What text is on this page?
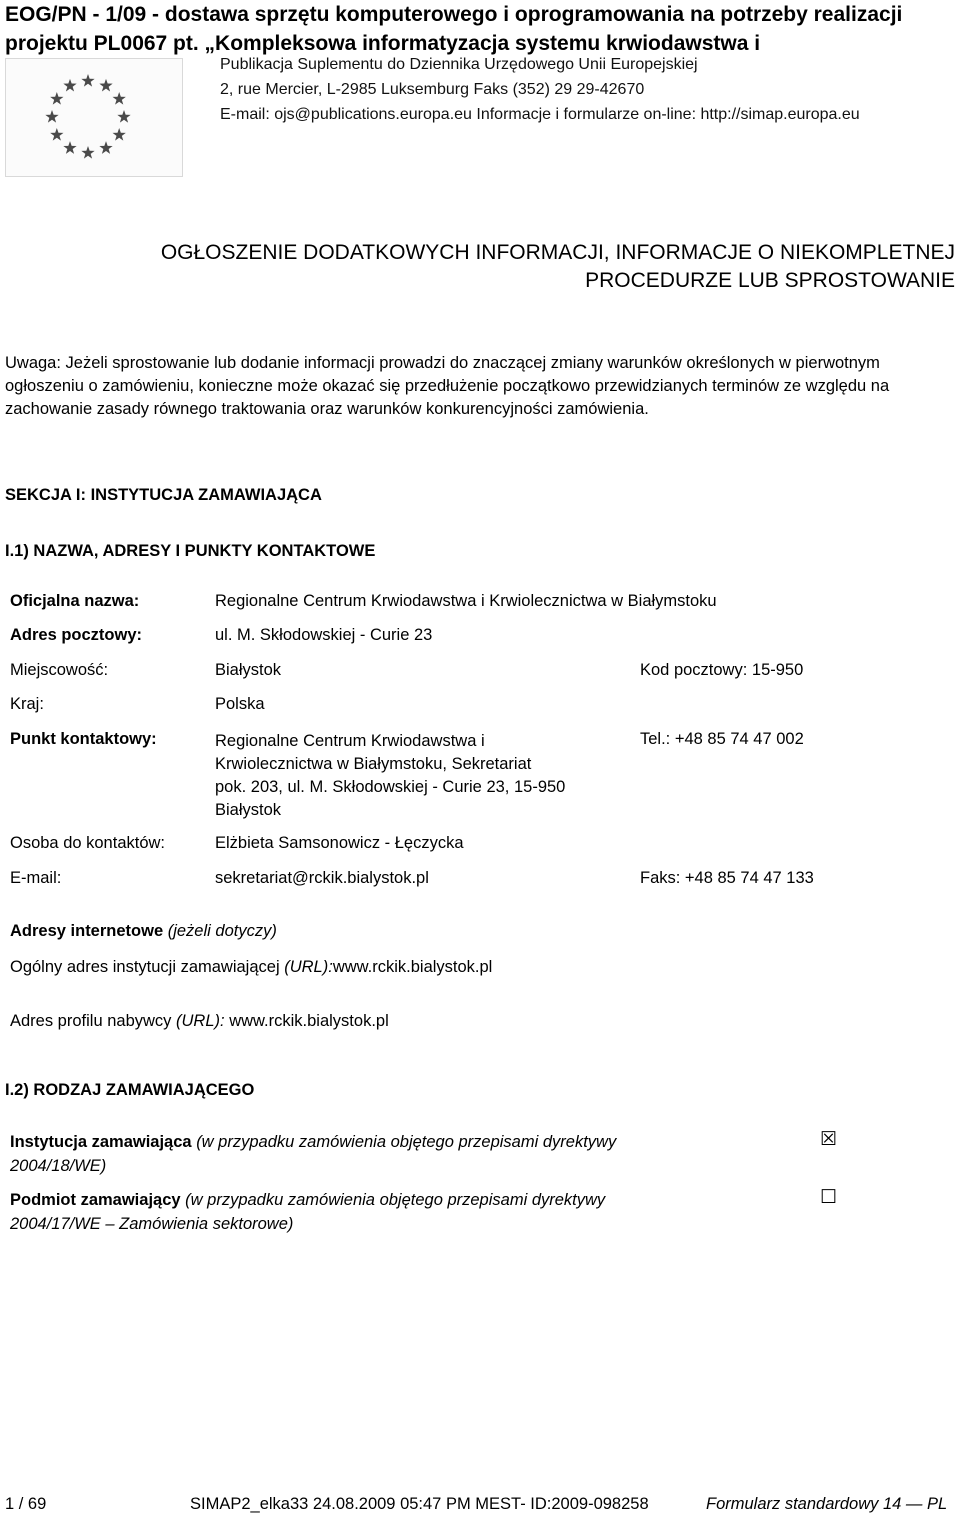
EOG/PN - 1/09 - dostawa sprzętu komputerowego i oprogramowania na potrzeby realizacji projektu PL0067 pt. „Kompleksowa informatyzacja systemu krwiodawstwa i
Publikacja Suplementu do Dziennika Urzędowego Unii Europejskiej
2, rue Mercier, L-2985 Luksemburg Faks (352) 29 29-42670
E-mail: ojs@publications.europa.eu Informacje i formularze on-line: http://simap.europa.eu
OGŁOSZENIE DODATKOWYCH INFORMACJI, INFORMACJE O NIEKOMPLETNEJ
PROCEDURZE LUB SPROSTOWANIE
Uwaga: Jeżeli sprostowanie lub dodanie informacji prowadzi do znaczącej zmiany warunków określonych w pierwotnym ogłoszeniu o zamówieniu, konieczne może okazać się przedłużenie początkowo przewidzianych terminów ze względu na zachowanie zasady równego traktowania oraz warunków konkurencyjności zamówienia.
SEKCJA I: INSTYTUCJA ZAMAWIAJĄCA
I.1) NAZWA, ADRESY I PUNKTY KONTAKTOWE
Oficjalna nazwa:	Regionalne Centrum Krwiodawstwa i Krwiolecznictwa w Białymstoku
Adres pocztowy:	ul. M. Skłodowskiej - Curie 23
Miejscowość:	Białystok	Kod pocztowy: 15-950
Kraj:	Polska
Punkt kontaktowy:	Regionalne Centrum Krwiodawstwa i
Krwiolecznictwa w Białymstoku, Sekretariat
pok. 203, ul. M. Skłodowskiej - Curie 23, 15-950
Białystok
Tel.: +48 85 74 47 002
Osoba do kontaktów:	Elżbieta Samsonowicz - Łęczycka
E-mail:	sekretariat@rckik.bialystok.pl	Faks: +48 85 74 47 133
Adresy internetowe (jeżeli dotyczy)
Ogólny adres instytucji zamawiającej (URL):www.rckik.bialystok.pl
Adres profilu nabywcy (URL): www.rckik.bialystok.pl
I.2) RODZAJ ZAMAWIAJĄCEGO
Instytucja zamawiająca (w przypadku zamówienia objętego przepisami dyrektywy
2004/18/WE)
☒
Podmiot zamawiający (w przypadku zamówienia objętego przepisami dyrektywy
2004/17/WE – Zamówienia sektorowe)
☐
1 / 69	SIMAP2_elka33 24.08.2009 05:47 PM MEST- ID:2009-098258	Formularz standardowy 14 — PL
